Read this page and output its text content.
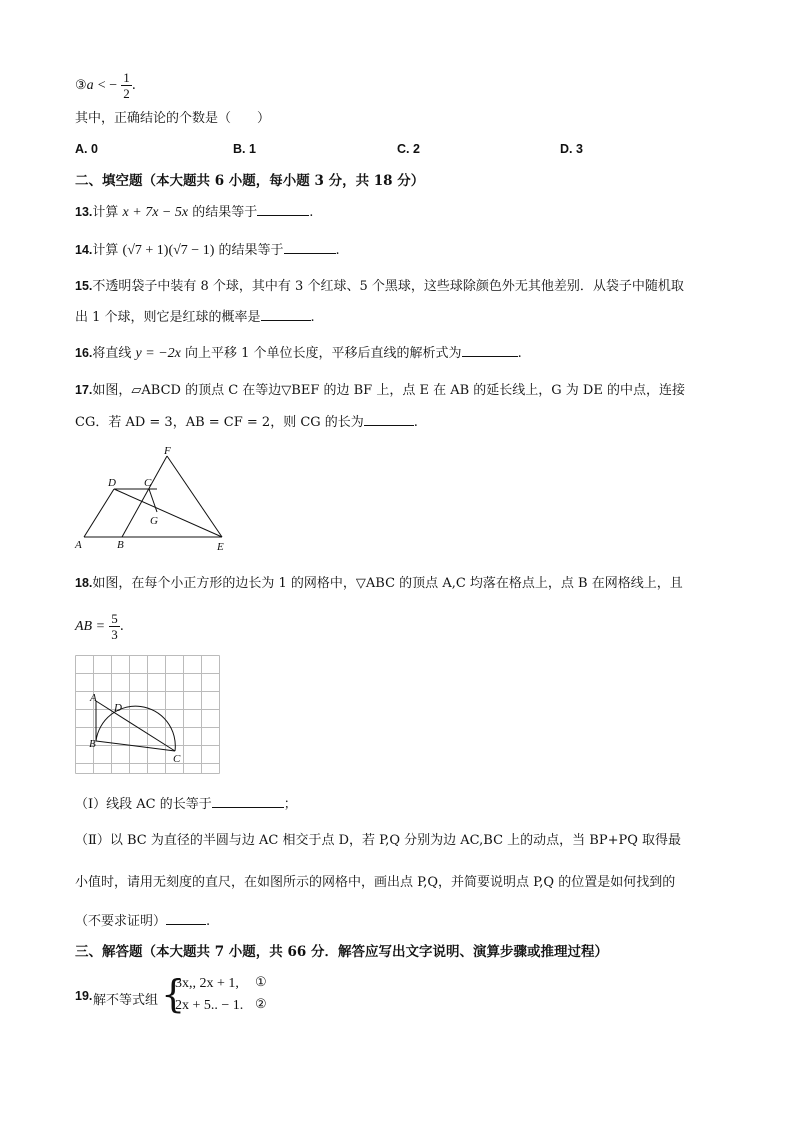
③a < − $\frac{1}{2}$ .
其中，正确结论的个数是（　　）
A. 0	B. 1	C. 2	D. 3
二、填空题（本大题共 6 小题，每小题 3 分，共 18 分）
13.计算 x + 7x − 5x 的结果等于	.
14.计算 (√7 + 1)(√7 − 1) 的结果等于	.
15.不透明袋子中装有 8 个球，其中有 3 个红球、5 个黑球，这些球除颜色外无其他差别．从袋子中随机取
出 1 个球，则它是红球的概率是	.
16.将直线 y = −2x 向上平移 1 个单位长度，平移后直线的解析式为	.
17.如图，▱ABCD 的顶点 C 在等边▽BEF 的边 BF 上，点 E 在 AB 的延长线上，G 为 DE 的中点，连接
CG．若 AD = 3，AB = CF = 2，则 CG 的长为	.
F
D	C
G
A	B	E
18.如图，在每个小正方形的边长为 1 的网格中，▽ABC 的顶点 A,C 均落在格点上，点 B 在网格线上，且
AB = $\frac{5}{3}$ .
A
D
B
C
（Ⅰ）线段 AC 的长等于	；
（Ⅱ）以 BC 为直径的半圆与边 AC 相交于点 D，若 P,Q 分别为边 AC,BC 上的动点，当 BP+PQ 取得最
小值时，请用无刻度的直尺，在如图所示的网格中，画出点 P,Q，并简要说明点 P,Q 的位置是如何找到的
（不要求证明）	.
三、解答题（本大题共 7 小题，共 66 分．解答应写出文字说明、演算步骤或推理过程）
19. 解不等式组 {
3x,, 2x + 1, ①
2x + 5.. − 1. ②
